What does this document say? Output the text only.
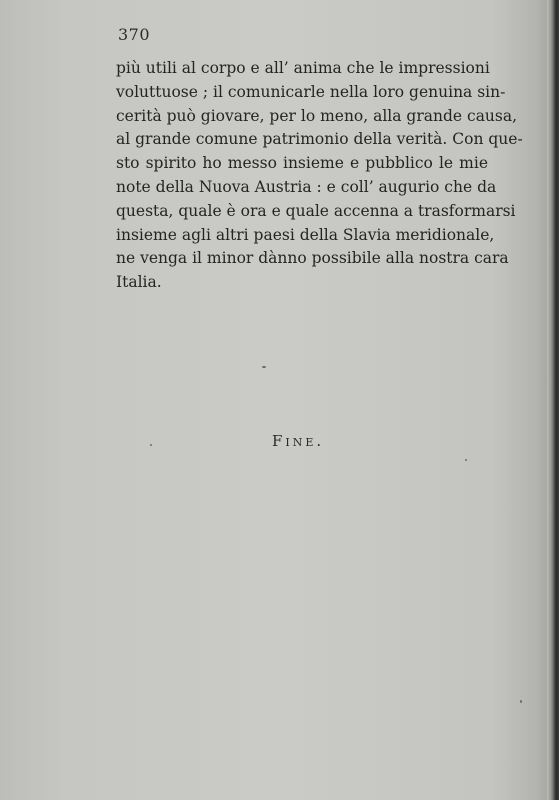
370
più utili al corpo e all’ anima che le impressioni
voluttuose ; il comunicarle nella loro genuina sin-
cerità può giovare, per lo meno, alla grande causa,
al grande comune patrimonio della verità. Con que-
sto spirito ho messo insieme e pubblico le mie
note della Nuova Austria : e coll’ augurio che da
questa, quale è ora e quale accenna a trasformarsi
insieme agli altri paesi della Slavia meridionale,
ne venga il minor dànno possibile alla nostra cara
Italia.
Fine.
